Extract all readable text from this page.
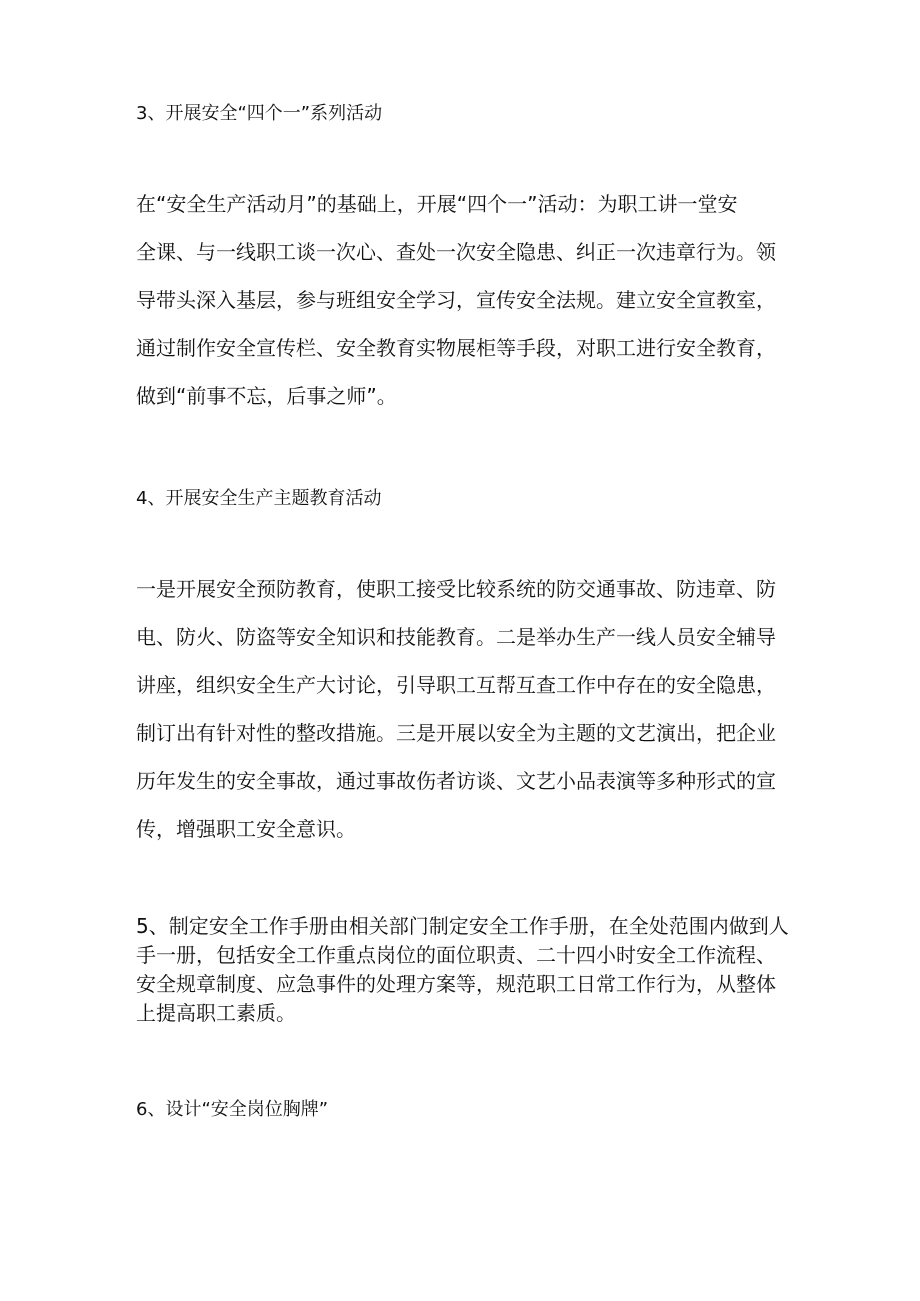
3、开展安全“四个一”系列活动
在“安全生产活动月”的基础上，开展“四个一”活动：为职工讲一堂安
全课、与一线职工谈一次心、查处一次安全隐患、纠正一次违章行为。领
导带头深入基层，参与班组安全学习，宣传安全法规。建立安全宣教室，
通过制作安全宣传栏、安全教育实物展柜等手段，对职工进行安全教育，
做到“前事不忘，后事之师”。
4、开展安全生产主题教育活动
一是开展安全预防教育，使职工接受比较系统的防交通事故、防违章、防
电、防火、防盗等安全知识和技能教育。二是举办生产一线人员安全辅导
讲座，组织安全生产大讨论，引导职工互帮互查工作中存在的安全隐患，
制订出有针对性的整改措施。三是开展以安全为主题的文艺演出，把企业
历年发生的安全事故，通过事故伤者访谈、文艺小品表演等多种形式的宣
传，增强职工安全意识。
5、制定安全工作手册由相关部门制定安全工作手册，在全处范围内做到人
手一册，包括安全工作重点岗位的面位职责、二十四小时安全工作流程、
安全规章制度、应急事件的处理方案等，规范职工日常工作行为，从整体
上提高职工素质。
6、设计“安全岗位胸牌”
